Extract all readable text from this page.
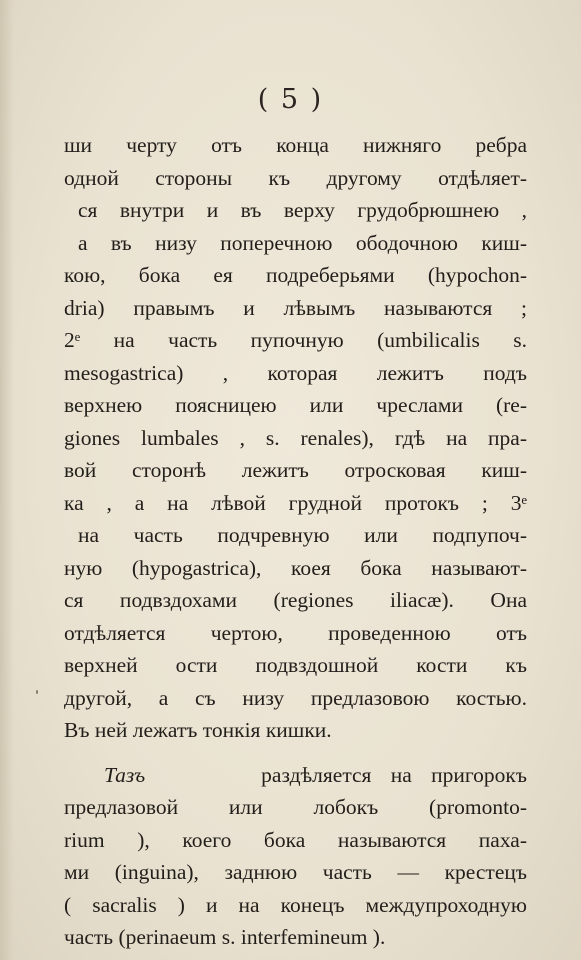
( 5 )
ши черту отъ конца нижняго ребра
одной стороны къ другому отдѣляет-
ся внутри и въ верху грудобрюшнею ,
а въ низу поперечною ободочною киш-
кою, бока ея подреберьями (hypochon-
dria) правымъ и лѣвымъ называются ;
2ᵉ на часть пупочную (umbilicalis s.
mesogastrica) , которая лежитъ подъ
верхнею поясницею или чреслами (re-
giones lumbales , s. renales), гдѣ на пра-
вой сторонѣ лежитъ отросковая киш-
ка , а на лѣвой грудной протокъ ; 3ᵉ
на часть подчревную или подпупоч-
ную (hypogastrica), коея бока называют-
ся подвздохами (regiones iliacæ). Она
отдѣляется чертою, проведенною отъ
верхней ости подвздошной кости къ
другой, а съ низу предлазовою костью.
Въ ней лежатъ тонкія кишки.
Тазъ	раздѣляется на пригорокъ
предлазовой или лобокъ (promonto-
rium ), коего бока называются паха-
ми (inguina), заднюю часть — крестецъ
( sacralis ) и на конецъ междупроходную
часть (perinaeum s. interfemineum ).
